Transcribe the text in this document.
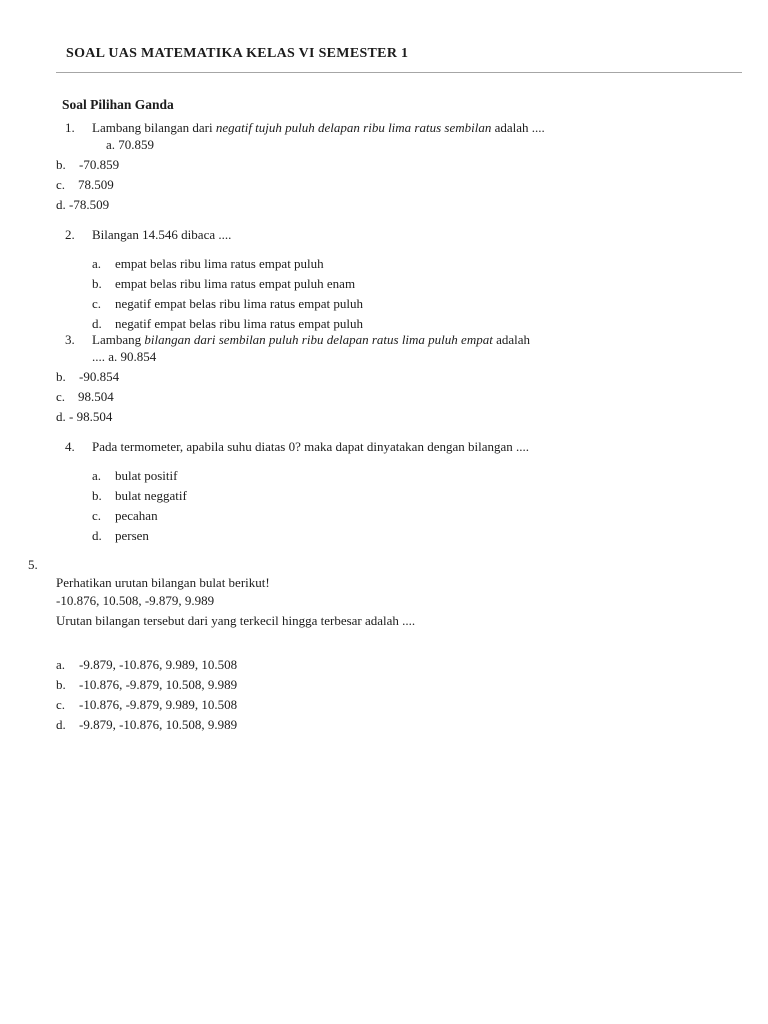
SOAL UAS MATEMATIKA KELAS VI SEMESTER 1
Soal Pilihan Ganda
1. Lambang bilangan dari negatif tujuh puluh delapan ribu lima ratus sembilan adalah ....
a. 70.859
b. -70.859
c. 78.509
d. -78.509
2. Bilangan 14.546 dibaca ....
a. empat belas ribu lima ratus empat puluh
b. empat belas ribu lima ratus empat puluh enam
c. negatif empat belas ribu lima ratus empat puluh
d. negatif empat belas ribu lima ratus empat puluh
3. Lambang bilangan dari sembilan puluh ribu delapan ratus lima puluh empat adalah
.... a. 90.854
b. -90.854
c. 98.504
d. - 98.504
4. Pada termometer, apabila suhu diatas 0? maka dapat dinyatakan dengan bilangan ....
a. bulat positif
b. bulat neggatif
c. pecahan
d. persen
5.
Perhatikan urutan bilangan bulat berikut!
-10.876, 10.508, -9.879, 9.989
Urutan bilangan tersebut dari yang terkecil hingga terbesar adalah ....
a. -9.879, -10.876, 9.989, 10.508
b. -10.876, -9.879, 10.508, 9.989
c. -10.876, -9.879, 9.989, 10.508
d. -9.879, -10.876, 10.508, 9.989
